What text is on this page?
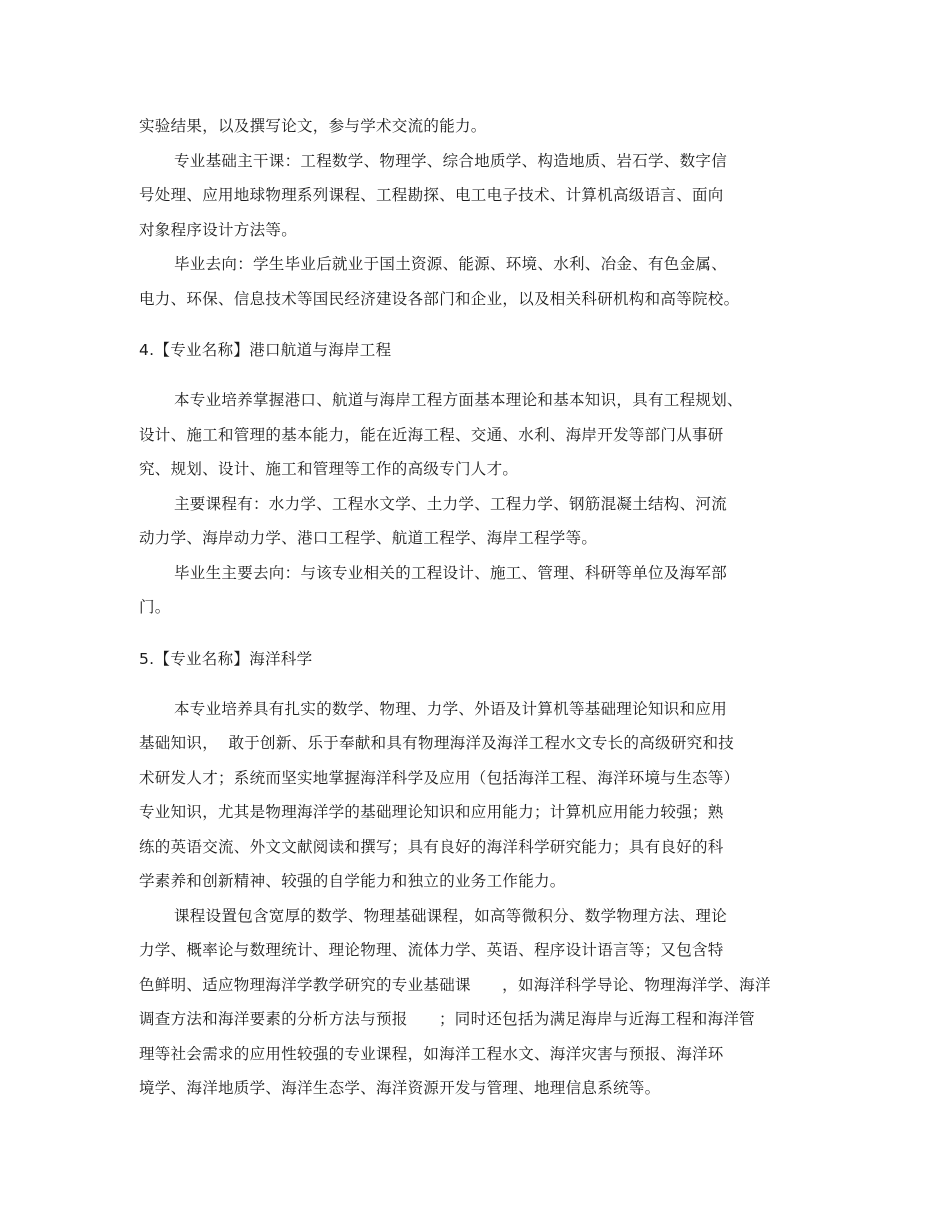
实验结果，以及撰写论文，参与学术交流的能力。
专业基础主干课：工程数学、物理学、综合地质学、构造地质、岩石学、数字信
号处理、应用地球物理系列课程、工程勘探、电工电子技术、计算机高级语言、面向
对象程序设计方法等。
毕业去向：学生毕业后就业于国土资源、能源、环境、水利、冶金、有色金属、
电力、环保、信息技术等国民经济建设各部门和企业，以及相关科研机构和高等院校。
4.【专业名称】港口航道与海岸工程
本专业培养掌握港口、航道与海岸工程方面基本理论和基本知识，具有工程规划、
设计、施工和管理的基本能力，能在近海工程、交通、水利、海岸开发等部门从事研
究、规划、设计、施工和管理等工作的高级专门人才。
主要课程有：水力学、工程水文学、土力学、工程力学、钢筋混凝土结构、河流
动力学、海岸动力学、港口工程学、航道工程学、海岸工程学等。
毕业生主要去向：与该专业相关的工程设计、施工、管理、科研等单位及海军部
门。
5.【专业名称】海洋科学
本专业培养具有扎实的数学、物理、力学、外语及计算机等基础理论知识和应用
基础知识，  敢于创新、乐于奉献和具有物理海洋及海洋工程水文专长的高级研究和技
术研发人才；系统而坚实地掌握海洋科学及应用（包括海洋工程、海洋环境与生态等）
专业知识，尤其是物理海洋学的基础理论知识和应用能力；计算机应用能力较强；熟
练的英语交流、外文文献阅读和撰写；具有良好的海洋科学研究能力；具有良好的科
学素养和创新精神、较强的自学能力和独立的业务工作能力。
课程设置包含宽厚的数学、物理基础课程，如高等微积分、数学物理方法、理论
力学、概率论与数理统计、理论物理、流体力学、英语、程序设计语言等；又包含特
色鲜明、适应物理海洋学教学研究的专业基础课      ，如海洋科学导论、物理海洋学、海洋
调查方法和海洋要素的分析方法与预报      ；同时还包括为满足海岸与近海工程和海洋管
理等社会需求的应用性较强的专业课程，如海洋工程水文、海洋灾害与预报、海洋环
境学、海洋地质学、海洋生态学、海洋资源开发与管理、地理信息系统等。
